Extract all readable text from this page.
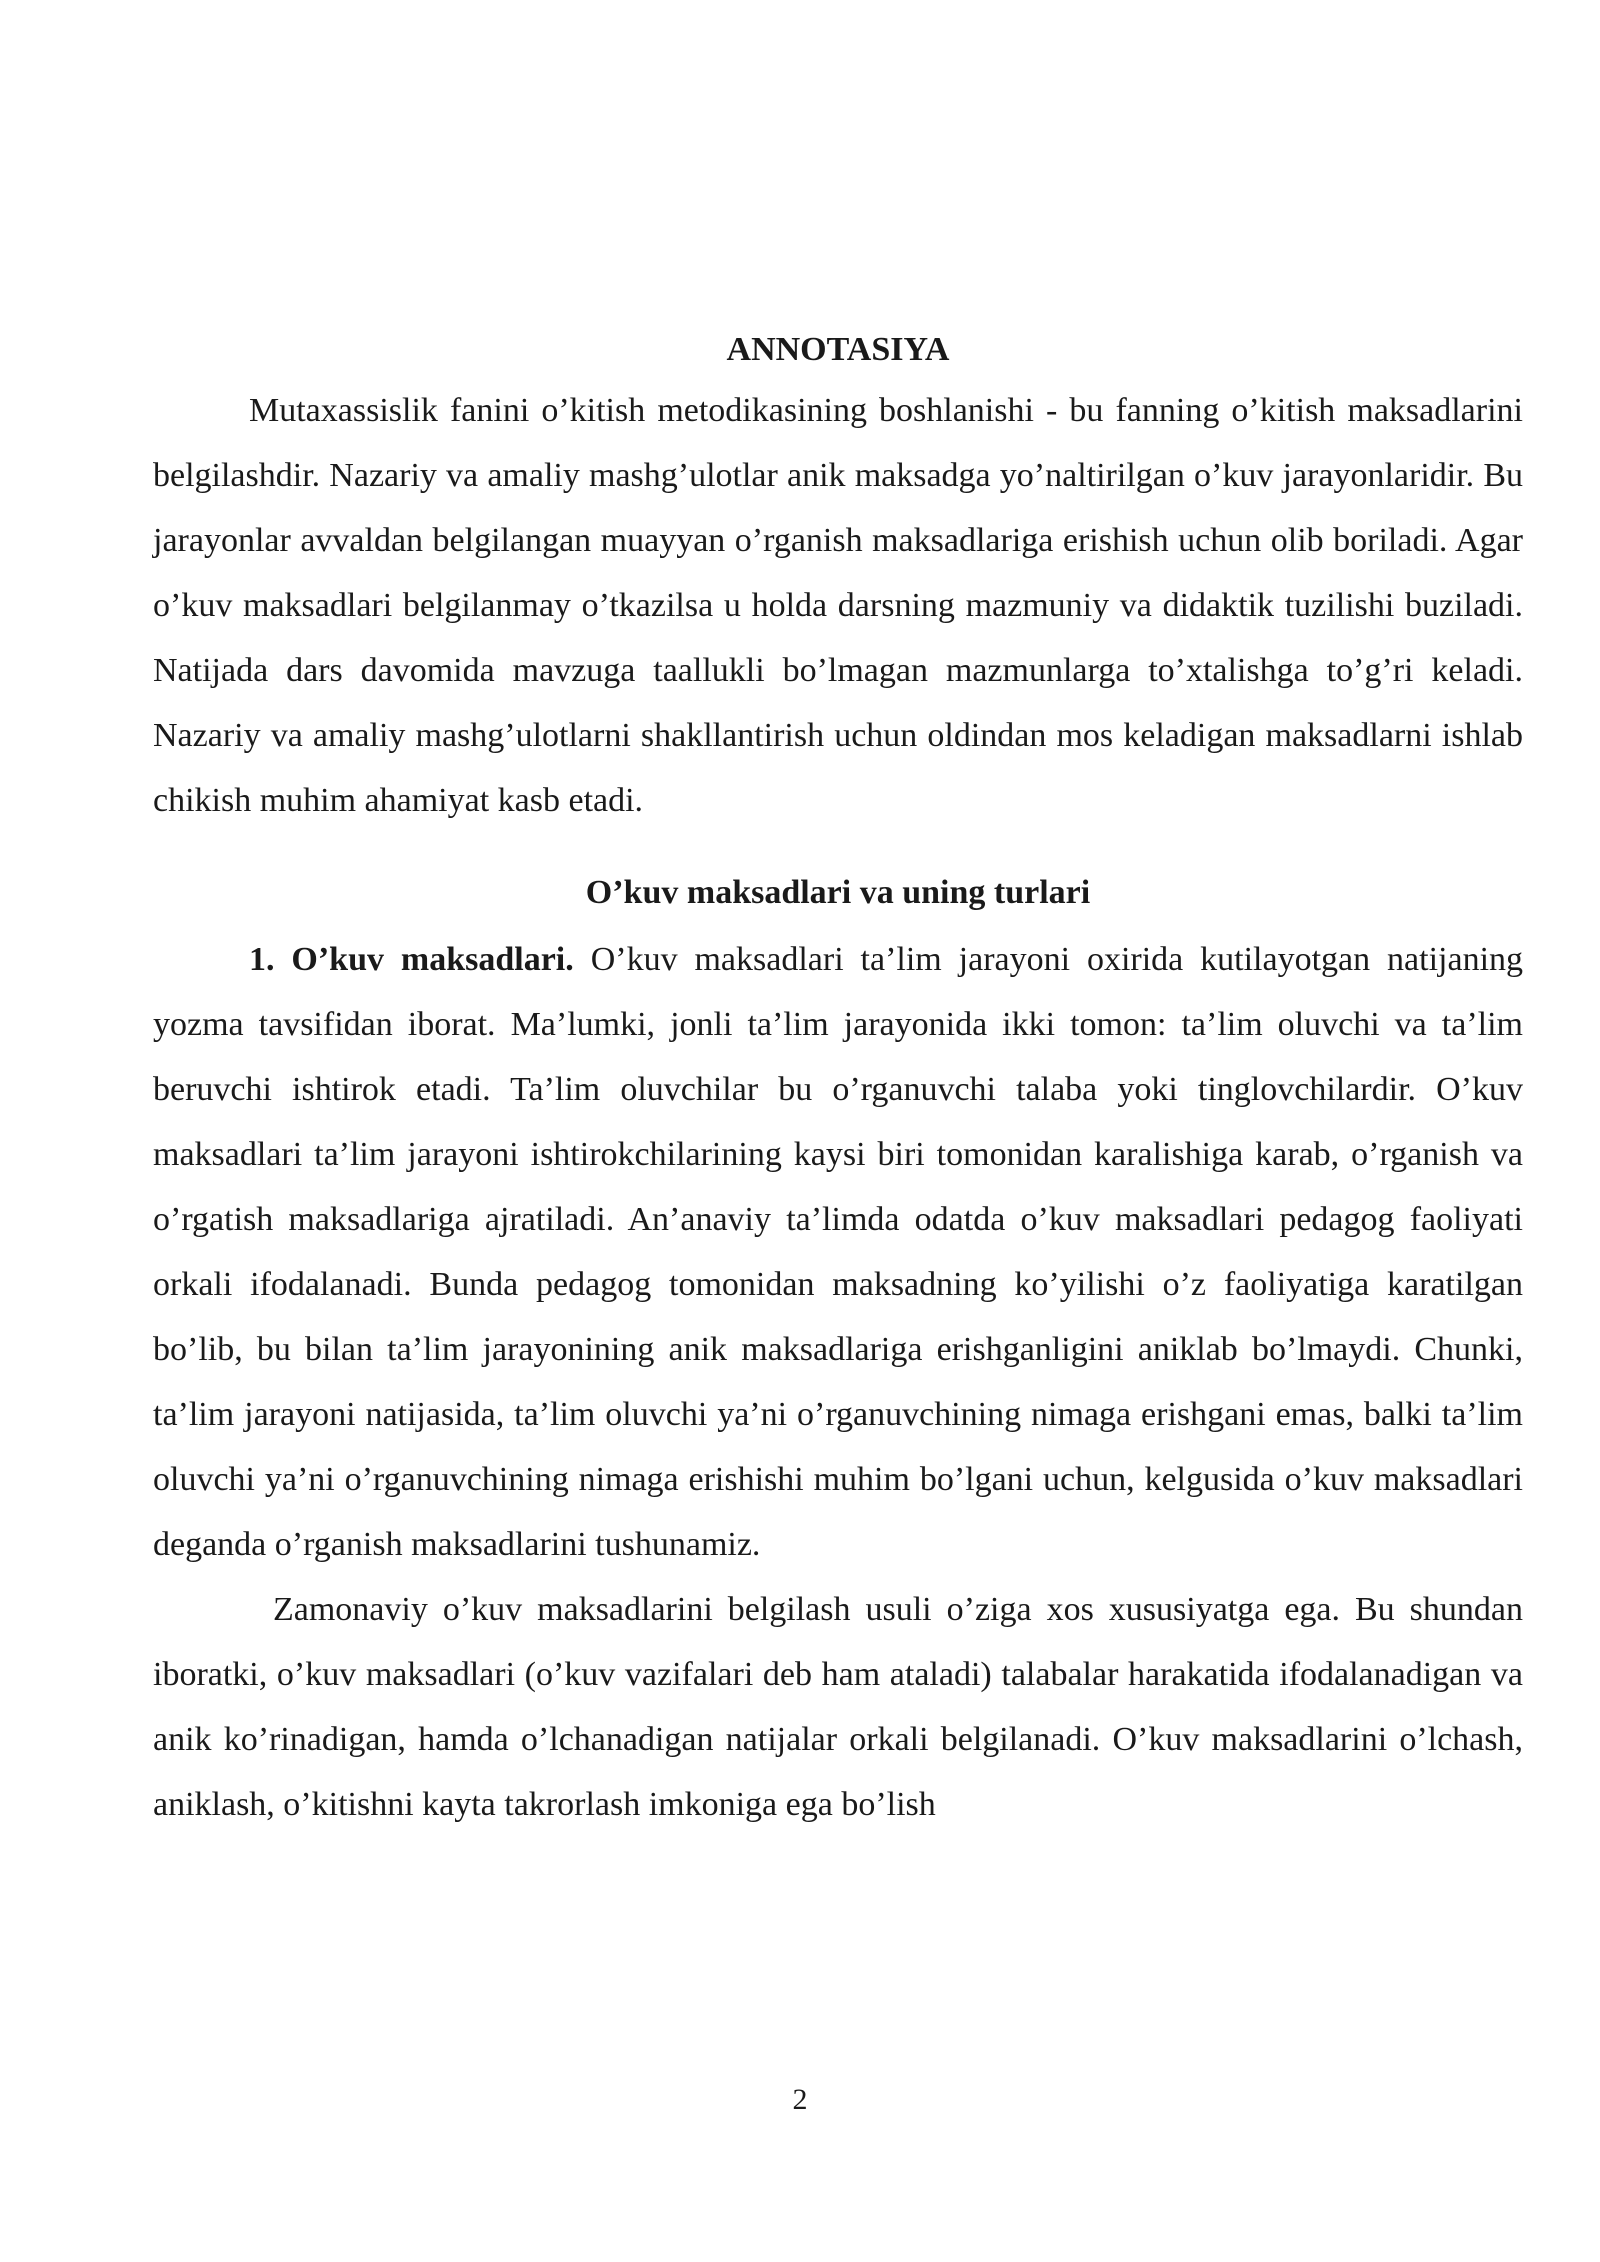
ANNOTASIYA

Mutaxassislik fanini o’kitish metodikasining boshlanishi - bu fanning o’kitish maksadlarini belgilashdir. Nazariy va amaliy mashg’ulotlar anik maksadga yo’naltirilgan o’kuv jarayonlaridir. Bu jarayonlar avvaldan belgilangan muayyan o’rganish maksadlariga erishish uchun olib boriladi. Agar o’kuv maksadlari belgilanmay o’tkazilsa u holda darsning mazmuniy va didaktik tuzilishi buziladi. Natijada dars davomida mavzuga taallukli bo’lmagan mazmunlarga to’xtalishga to’g’ri keladi. Nazariy va amaliy mashg’ulotlarni shakllantirish uchun oldindan mos keladigan maksadlarni ishlab chikish muhim ahamiyat kasb etadi.

O’kuv maksadlari va uning turlari

1. O’kuv maksadlari. O’kuv maksadlari ta’lim jarayoni oxirida kutilayotgan natijaning yozma tavsifidan iborat. Ma’lumki, jonli ta’lim jarayonida ikki tomon: ta’lim oluvchi va ta’lim beruvchi ishtirok etadi. Ta’lim oluvchilar bu o’rganuvchi talaba yoki tinglovchilardir. O’kuv maksadlari ta’lim jarayoni ishtirokchilarining kaysi biri tomonidan karalishiga karab, o’rganish va o’rgatish maksadlariga ajratiladi. An’anaviy ta’limda odatda o’kuv maksadlari pedagog faoliyati orkali ifodalanadi. Bunda pedagog tomonidan maksadning ko’yilishi o’z faoliyatiga karatilgan bo’lib, bu bilan ta’lim jarayonining anik maksadlariga erishganligini aniklab bo’lmaydi. Chunki, ta’lim jarayoni natijasida, ta’lim oluvchi ya’ni o’rganuvchining nimaga erishgani emas, balki ta’lim oluvchi ya’ni o’rganuvchining nimaga erishishi muhim bo’lgani uchun, kelgusida o’kuv maksadlari deganda o’rganish maksadlarini tushunamiz.

Zamonaviy o’kuv maksadlarini belgilash usuli o’ziga xos xususiyatga ega. Bu shundan iboratki, o’kuv maksadlari (o’kuv vazifalari deb ham ataladi) talabalar harakatida ifodalanadigan va anik ko’rinadigan, hamda o’lchanadigan natijalar orkali belgilanadi. O’kuv maksadlarini o’lchash, aniklash, o’kitishni kayta takrorlash imkoniga ega bo’lish

2
